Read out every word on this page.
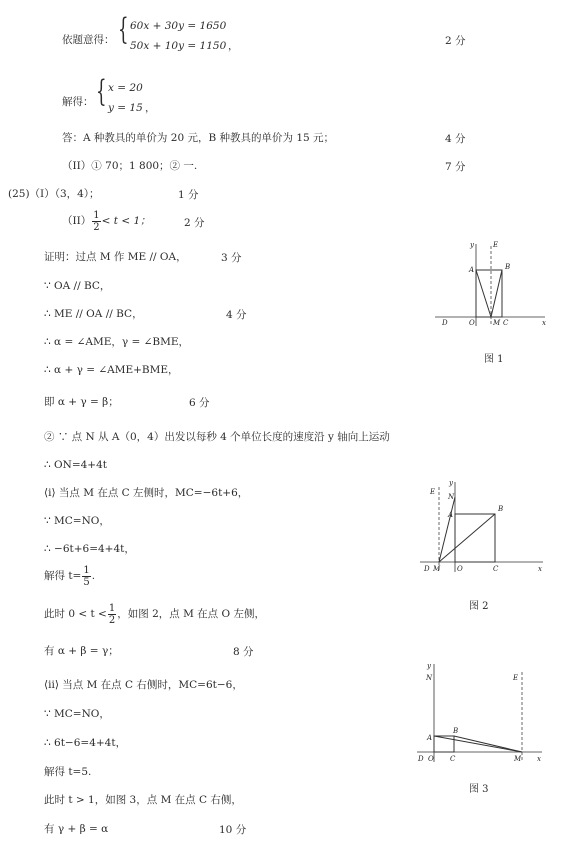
依题意得： { 60x + 30y = 1650
50x + 10y = 1150 ，	2 分
解得： { x = 20
y = 15 ，
答：A 种教具的单价为 20 元，B 种教具的单价为 15 元；	4 分
（II）① 70；1 800；② 一.	7 分
(25)（I）（3，4）；	1 分
$(II) \frac{1}{2} < t < 1$；	2 分
证明：过点 M 作 ME // OA，	3 分
∵ OA // BC，
∴ ME // OA // BC，	4 分
∴ α = ∠AME，γ = ∠BME，
∴ α + γ = ∠AME+BME，
即 α + γ = β；	6 分
② ∵ 点 N 从 A（0，4）出发以每秒 4 个单位长度的速度沿 y 轴向上运动
∴ ON=4+4t
⟨i⟩ 当点 M 在点 C 左侧时，MC=−6t+6，
∵ MC=NO，
∴ −6t+6=4+4t，
解得 $t= \frac{1}{5}$ .
此时 $0 < t < \frac{1}{2}$ ，如图 2，点 M 在点 O 左侧，
有 α + β = γ；	8 分
⟨ii⟩ 当点 M 在点 C 右侧时，MC=6t−6，
∵ MC=NO，
∴ 6t−6=4+4t，
解得 t=5.
此时 t > 1，如图 3，点 M 在点 C 右侧，
有 γ + β = α	10 分
y	E
A	B
D	O	M C	x
图 1
y
E
N
A
B
D M O	C	x
图 2
y
N	E
A
B
D O C	M x
图 3
